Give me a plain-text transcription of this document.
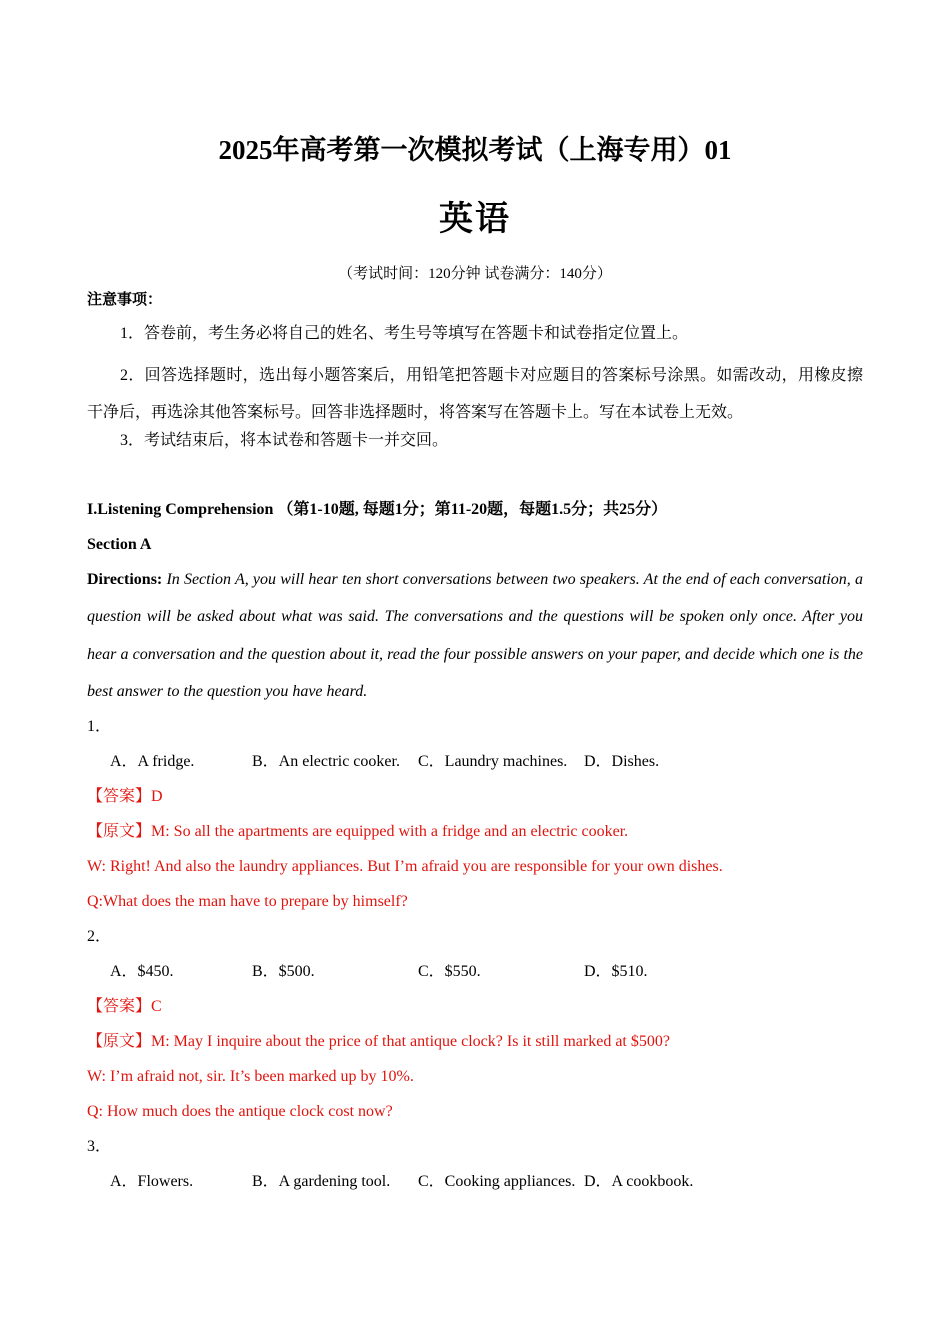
2025年高考第一次模拟考试（上海专用）01
英语
（考试时间：120分钟 试卷满分：140分）
注意事项：
1．答卷前，考生务必将自己的姓名、考生号等填写在答题卡和试卷指定位置上。
2．回答选择题时，选出每小题答案后，用铅笔把答题卡对应题目的答案标号涂黑。如需改动，用橡皮擦干净后，再选涂其他答案标号。回答非选择题时，将答案写在答题卡上。写在本试卷上无效。
3．考试结束后，将本试卷和答题卡一并交回。
I.Listening Comprehension （第1-10题, 每题1分；第11-20题，每题1.5分；共25分）
Section A
Directions: In Section A, you will hear ten short conversations between two speakers. At the end of each conversation, a question will be asked about what was said. The conversations and the questions will be spoken only once. After you hear a conversation and the question about it, read the four possible answers on your paper, and decide which one is the best answer to the question you have heard.
1．
A．A fridge.	B．An electric cooker. C．Laundry machines. D．Dishes.
【答案】D
【原文】M: So all the apartments are equipped with a fridge and an electric cooker.
W: Right! And also the laundry appliances. But I’m afraid you are responsible for your own dishes.
Q:What does the man have to prepare by himself?
2．
A．$450.	B．$500.	C．$550.	D．$510.
【答案】C
【原文】M: May I inquire about the price of that antique clock? Is it still marked at $500?
W: I’m afraid not, sir. It’s been marked up by 10%.
Q: How much does the antique clock cost now?
3．
A．Flowers.	B．A gardening tool. C．Cooking appliances. D．A cookbook.
